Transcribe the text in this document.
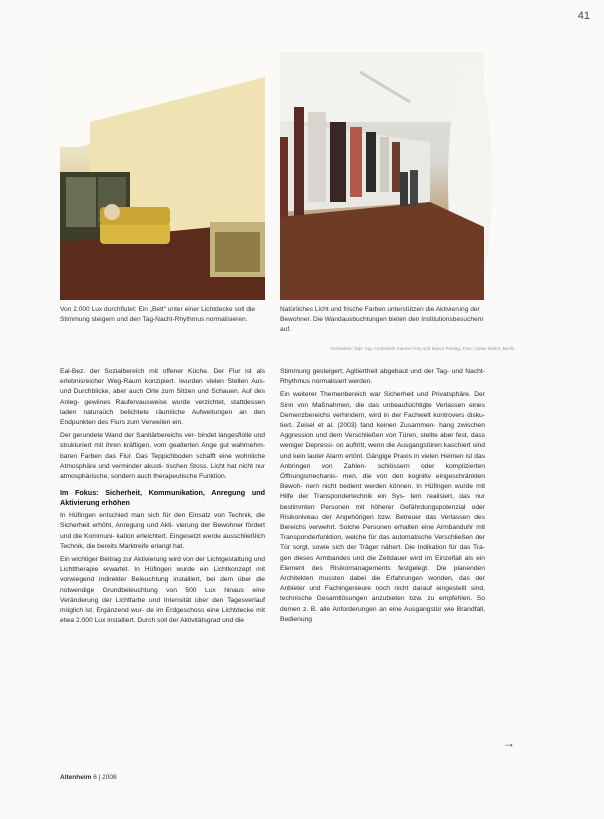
41
Von 2.000 Lux durchflutet: Ein „Bett“ unter einer Lichtdecke soll die Stimmung steigern und den Tag-Nacht-Rhythmus normalisieren.
Natürliches Licht und frische Farben unterstützen die Aktivierung der Bewohner. Die Wandausbuchtungen bieten den Institutionsbesuchern auf.
Architektur: Dipl.-Ing. Architektin Sabine Frey und Marco Freitag; Foto: Lukas Muller, Berlin

Eal-Bez. der Sozialbereich mit offener Küche. Der Flur ist als erlebnisreicher Weg-Raum konzipiert. Iwurden vielen Stellen Aus- und Durchblicke, aber auch Orte zum Sitzen und Schauen. Auf des Anleg- gewiines Raufervausweise wurde verzichtet, stattdessen laden naturaüch belichtete räumliche Aufweitungen an den Endpunkten des Flurs zum Verweilen ein.

Der gerundete Wand der Sanitärbereichs ver- bindet langesflolle und strukturiert mit ihren kräftigen, vom gealterten Ange gut wahrnehm- baren Farben das Flur. Das Teppichboden schafft eine wohnliche Atmosphäre und verminder akusti- tischen Stoss. Licht hat nicht nur atmosphärische, sondern auch therapeutische Funktion.

Im Fokus: Sicherheit, Kommunikation, Anregung und Aktivierung erhöhen

In Hüfingen entschied man sich für den Einsatz von Technik, die Sicherheit erhöht, Anregung und Akti- vierung der Bewohner fördert und die Kommuni- kation erleichtert. Eingesetzt werde ausschließlich Technik, die bereits Marktreife erlangt hat.

Ein wichtiger Beitrag zur Aktivierung wird von der Lichtgestaltung und Lichttherapie erwartet. In Hüfingen wurde ein Lichtkonzept mit vorwiegend indirekter Beleuchtung installiert, bei dem über die notwendige Grundbeleuchtung von 500 Lux hinaus eine Veränderung der Lichtfarbe und Intensität über den Tagesverlauf möglich ist. Ergänzend wur- de im Erdgeschoss eine Lichtdecke mit etwa 2.000 Lux installiert. Durch soll der Aktivitätsgrad und die

Stimmung gesteigert, Agitiertheit abgebaut und der Tag- und Nacht-Rhythmus normalisiert werden.

Ein weiterer Themenbereich war Sicherheit und Privatsphäre. Der Sinn von Maßnahmen, die das unbeaufsichtigte Verlassen eines Demenzbereichs verhindern, wird in der Fachwelt kontrovers disku- tiert. Zeisel et al. (2003) fand keinen Zusammen- hang zwischen Aggression und dem Verschließen von Türen, stellte aber fest, dass weniger Depressi- on auftritt, wenn die Ausgangstüren kaschiert sind und kein lauter Alarm ertönt. Gängige Praxis in vielen Heimen ist das Anbringen von Zahlen- schlössern oder komplizierten Öffnungsmechanis- men, die von den kognitiv eingeschränkten Bewoh- nern nicht bedient werden können. In Hüfingen wurde mit Hilfe der Transpondertechnik ein Sys- tem realisiert, das nur bestimmten Personen mit höherer Gefährdungspotenzial oder Risikoniveau der Angehörigen bzw. Betreuer das Verlassen des Bereichs verwehrt. Solche Personen erhalten eine Armbanduhr mit Transponderfunktion, welche für das automatische Verschließen der Tür sorgt, sowie sich der Träger nähert. Die Indikation für das Tra- gen dieses Armbandes und die Zeitdauer wird im Einzelfall als ein Element des Risikomanagements festgelegt. Die planenden Architekten mussten dabei die Erfahrungen wonden, das der Anbieter und Fachingenieure noch nicht darauf eingestellt sind, technische Gesamtlösungen anzubieten bzw. zu empfehlen. So demen z. B. alle Anforderungen an eine Ausgangstür wie Brandfall, Bedienung

→
Altenheim 6 | 2008
